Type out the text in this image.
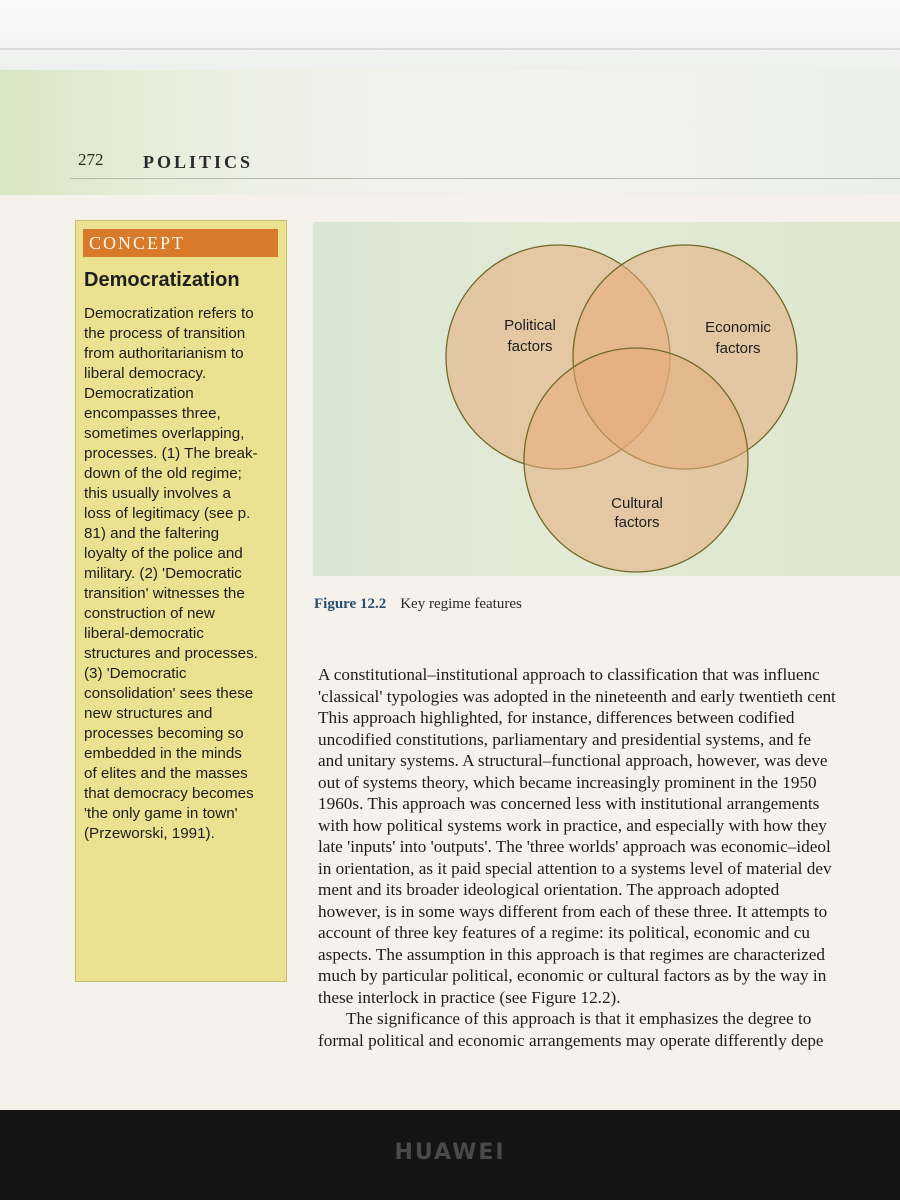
272 POLITICS
CONCEPT
Democratization
Democratization refers to
the process of transition
from authoritarianism to
liberal democracy.
Democratization
encompasses three,
sometimes overlapping,
processes. (1) The break-
down of the old regime;
this usually involves a
loss of legitimacy (see p.
81) and the faltering
loyalty of the police and
military. (2) 'Democratic
transition' witnesses the
construction of new
liberal-democratic
structures and processes.
(3) 'Democratic
consolidation' sees these
new structures and
processes becoming so
embedded in the minds
of elites and the masses
that democracy becomes
'the only game in town'
(Przeworski, 1991).
Political
factors
Economic
factors
Cultural
factors
Figure 12.2 Key regime features
A constitutional–institutional approach to classification that was influenc
'classical' typologies was adopted in the nineteenth and early twentieth cent
This approach highlighted, for instance, differences between codified
uncodified constitutions, parliamentary and presidential systems, and fe
and unitary systems. A structural–functional approach, however, was deve
out of systems theory, which became increasingly prominent in the 1950
1960s. This approach was concerned less with institutional arrangements
with how political systems work in practice, and especially with how they
late 'inputs' into 'outputs'. The 'three worlds' approach was economic–ideol
in orientation, as it paid special attention to a systems level of material dev
ment and its broader ideological orientation. The approach adopted
however, is in some ways different from each of these three. It attempts to
account of three key features of a regime: its political, economic and cu
aspects. The assumption in this approach is that regimes are characterized
much by particular political, economic or cultural factors as by the way in
these interlock in practice (see Figure 12.2).
The significance of this approach is that it emphasizes the degree to
formal political and economic arrangements may operate differently depe
HUAWEI
